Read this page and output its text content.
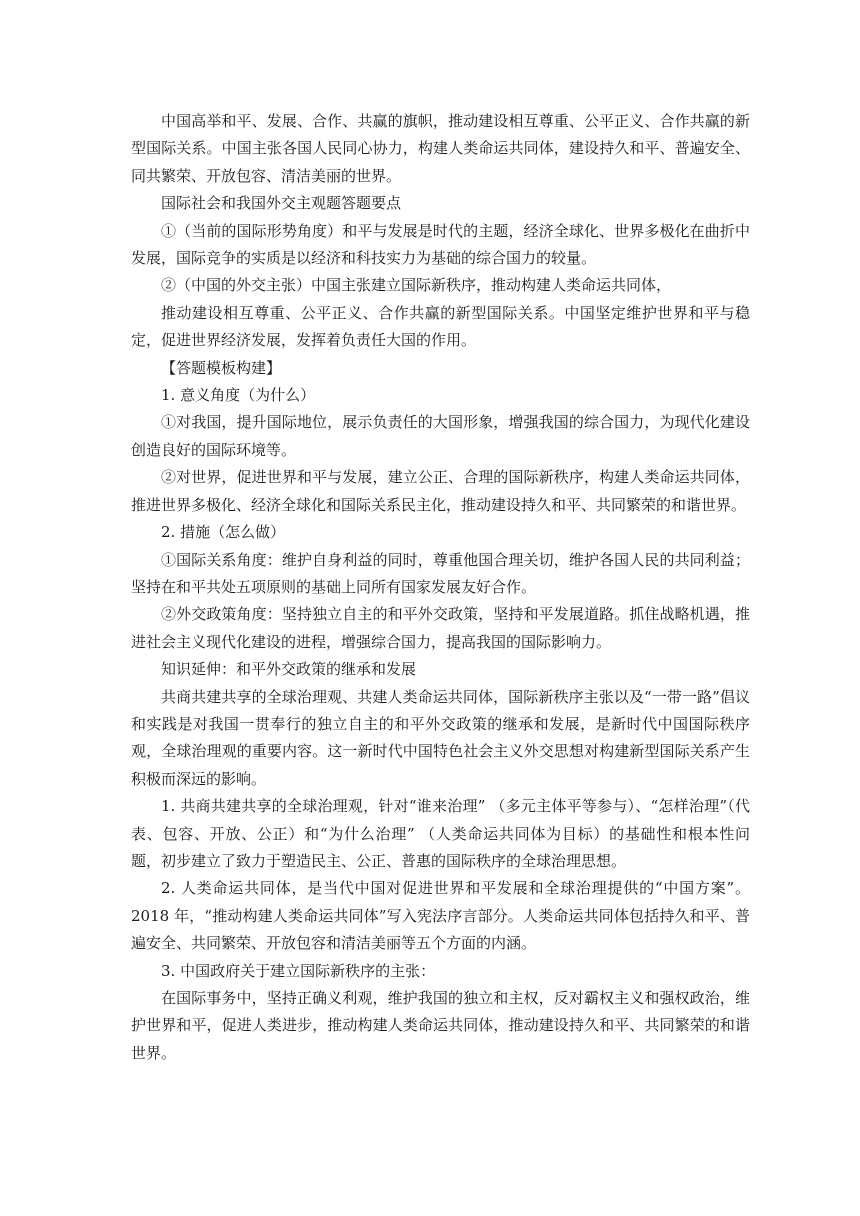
中国高举和平、发展、合作、共赢的旗帜，推动建设相互尊重、公平正义、合作共赢的新型国际关系。中国主张各国人民同心协力，构建人类命运共同体，建设持久和平、普遍安全、同共繁荣、开放包容、清洁美丽的世界。

国际社会和我国外交主观题答题要点

①（当前的国际形势角度）和平与发展是时代的主题，经济全球化、世界多极化在曲折中发展，国际竞争的实质是以经济和科技实力为基础的综合国力的较量。

②（中国的外交主张）中国主张建立国际新秩序，推动构建人类命运共同体，

推动建设相互尊重、公平正义、合作共赢的新型国际关系。中国坚定维护世界和平与稳定，促进世界经济发展，发挥着负责任大国的作用。

【答题模板构建】

1. 意义角度（为什么）

①对我国，提升国际地位，展示负责任的大国形象，增强我国的综合国力，为现代化建设创造良好的国际环境等。

②对世界，促进世界和平与发展，建立公正、合理的国际新秩序，构建人类命运共同体，推进世界多极化、经济全球化和国际关系民主化，推动建设持久和平、共同繁荣的和谐世界。

2. 措施（怎么做）

①国际关系角度：维护自身利益的同时，尊重他国合理关切，维护各国人民的共同利益；坚持在和平共处五项原则的基础上同所有国家发展友好合作。

②外交政策角度：坚持独立自主的和平外交政策，坚持和平发展道路。抓住战略机遇，推进社会主义现代化建设的进程，增强综合国力，提高我国的国际影响力。

知识延伸：和平外交政策的继承和发展

共商共建共享的全球治理观、共建人类命运共同体，国际新秩序主张以及“一带一路”倡议和实践是对我国一贯奉行的独立自主的和平外交政策的继承和发展，是新时代中国国际秩序观，全球治理观的重要内容。这一新时代中国特色社会主义外交思想对构建新型国际关系产生积极而深远的影响。

1. 共商共建共享的全球治理观，针对“谁来治理” （多元主体平等参与）、“怎样治理”（代表、包容、开放、公正）和“为什么治理” （人类命运共同体为目标）的基础性和根本性问题，初步建立了致力于塑造民主、公正、普惠的国际秩序的全球治理思想。

2. 人类命运共同体，是当代中国对促进世界和平发展和全球治理提供的“中国方案”。2018 年，“推动构建人类命运共同体”写入宪法序言部分。人类命运共同体包括持久和平、普遍安全、共同繁荣、开放包容和清洁美丽等五个方面的内涵。

3. 中国政府关于建立国际新秩序的主张：

在国际事务中，坚持正确义利观，维护我国的独立和主权，反对霸权主义和强权政治，维护世界和平，促进人类进步，推动构建人类命运共同体，推动建设持久和平、共同繁荣的和谐世界。
